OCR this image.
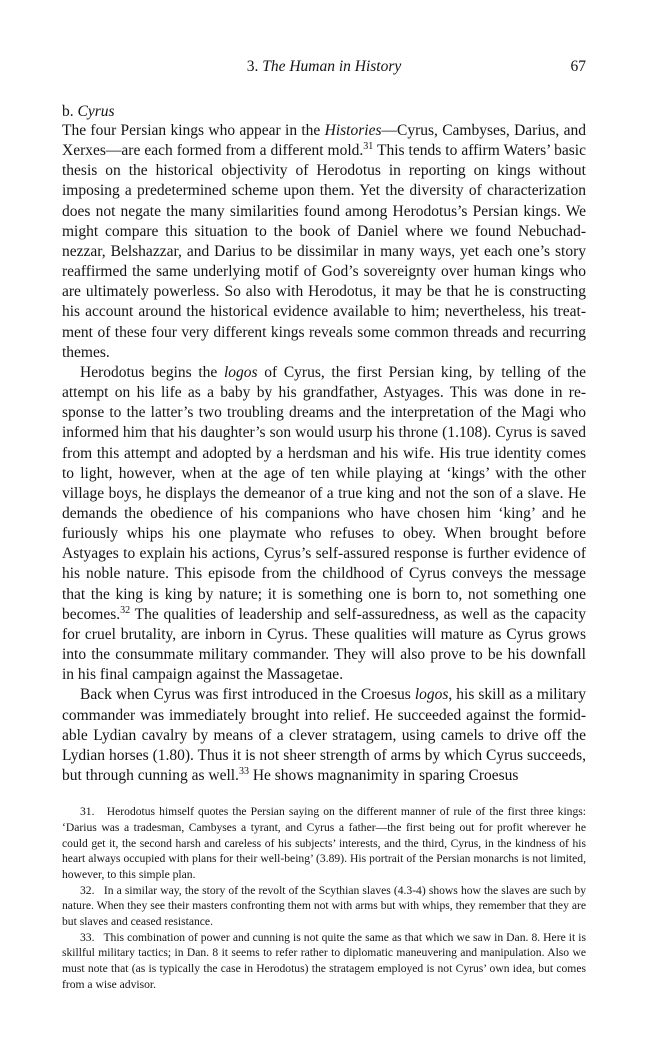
3. The Human in History	67
b. Cyrus

The four Persian kings who appear in the Histories—Cyrus, Cambyses, Darius, and Xerxes—are each formed from a different mold.$^{31}$ This tends to affirm Waters’ basic thesis on the historical objectivity of Herodotus in reporting on kings without imposing a predetermined scheme upon them. Yet the diversity of characterization does not negate the many similarities found among Herodotus’s Persian kings. We might compare this situation to the book of Daniel where we found Nebuchadnezzar, Belshazzar, and Darius to be dissimilar in many ways, yet each one’s story reaffirmed the same underlying motif of God’s sovereignty over human kings who are ultimately powerless. So also with Herodotus, it may be that he is constructing his account around the historical evidence available to him; nevertheless, his treatment of these four very different kings reveals some common threads and recurring themes.

Herodotus begins the logos of Cyrus, the first Persian king, by telling of the attempt on his life as a baby by his grandfather, Astyages. This was done in response to the latter’s two troubling dreams and the interpretation of the Magi who informed him that his daughter’s son would usurp his throne (1.108). Cyrus is saved from this attempt and adopted by a herdsman and his wife. His true identity comes to light, however, when at the age of ten while playing at ‘kings’ with the other village boys, he displays the demeanor of a true king and not the son of a slave. He demands the obedience of his companions who have chosen him ‘king’ and he furiously whips his one playmate who refuses to obey. When brought before Astyages to explain his actions, Cyrus’s self-assured response is further evidence of his noble nature. This episode from the childhood of Cyrus conveys the message that the king is king by nature; it is something one is born to, not something one becomes.$^{32}$ The qualities of leadership and self-assuredness, as well as the capacity for cruel brutality, are inborn in Cyrus. These qualities will mature as Cyrus grows into the consummate military commander. They will also prove to be his downfall in his final campaign against the Massagetae.

Back when Cyrus was first introduced in the Croesus logos, his skill as a military commander was immediately brought into relief. He succeeded against the formidable Lydian cavalry by means of a clever stratagem, using camels to drive off the Lydian horses (1.80). Thus it is not sheer strength of arms by which Cyrus succeeds, but through cunning as well.$^{33}$ He shows magnanimity in sparing Croesus

31. Herodotus himself quotes the Persian saying on the different manner of rule of the first three kings: ‘Darius was a tradesman, Cambyses a tyrant, and Cyrus a father—the first being out for profit wherever he could get it, the second harsh and careless of his subjects’ interests, and the third, Cyrus, in the kindness of his heart always occupied with plans for their well-being’ (3.89). His portrait of the Persian monarchs is not limited, however, to this simple plan.

32. In a similar way, the story of the revolt of the Scythian slaves (4.3-4) shows how the slaves are such by nature. When they see their masters confronting them not with arms but with whips, they remember that they are but slaves and ceased resistance.

33. This combination of power and cunning is not quite the same as that which we saw in Dan. 8. Here it is skillful military tactics; in Dan. 8 it seems to refer rather to diplomatic maneuvering and manipulation. Also we must note that (as is typically the case in Herodotus) the stratagem employed is not Cyrus’ own idea, but comes from a wise advisor.
